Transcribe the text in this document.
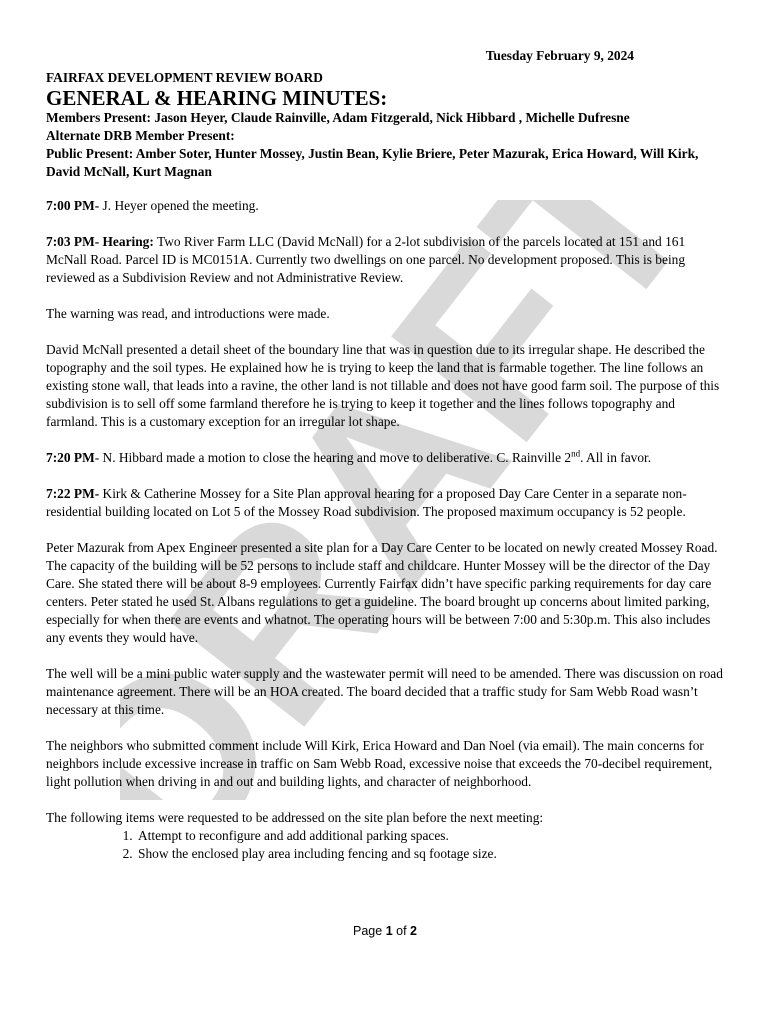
DRAFT
Tuesday February 9, 2024
FAIRFAX DEVELOPMENT REVIEW BOARD
GENERAL & HEARING MINUTES:
Members Present: Jason Heyer, Claude Rainville, Adam Fitzgerald, Nick Hibbard , Michelle Dufresne
Alternate DRB Member Present:
Public Present: Amber Soter, Hunter Mossey, Justin Bean, Kylie Briere, Peter Mazurak, Erica Howard, Will Kirk, David McNall, Kurt Magnan

7:00 PM- J. Heyer opened the meeting.

7:03 PM- Hearing: Two River Farm LLC (David McNall) for a 2-lot subdivision of the parcels located at 151 and 161 McNall Road. Parcel ID is MC0151A. Currently two dwellings on one parcel. No development proposed. This is being reviewed as a Subdivision Review and not Administrative Review.

The warning was read, and introductions were made.

David McNall presented a detail sheet of the boundary line that was in question due to its irregular shape. He described the topography and the soil types. He explained how he is trying to keep the land that is farmable together. The line follows an existing stone wall, that leads into a ravine, the other land is not tillable and does not have good farm soil. The purpose of this subdivision is to sell off some farmland therefore he is trying to keep it together and the lines follows topography and farmland. This is a customary exception for an irregular lot shape.

7:20 PM- N. Hibbard made a motion to close the hearing and move to deliberative. C. Rainville 2nd. All in favor.

7:22 PM- Kirk & Catherine Mossey for a Site Plan approval hearing for a proposed Day Care Center in a separate non-residential building located on Lot 5 of the Mossey Road subdivision. The proposed maximum occupancy is 52 people.

Peter Mazurak from Apex Engineer presented a site plan for a Day Care Center to be located on newly created Mossey Road. The capacity of the building will be 52 persons to include staff and childcare. Hunter Mossey will be the director of the Day Care. She stated there will be about 8-9 employees. Currently Fairfax didn’t have specific parking requirements for day care centers. Peter stated he used St. Albans regulations to get a guideline. The board brought up concerns about limited parking, especially for when there are events and whatnot. The operating hours will be between 7:00 and 5:30p.m. This also includes any events they would have.

The well will be a mini public water supply and the wastewater permit will need to be amended. There was discussion on road maintenance agreement. There will be an HOA created. The board decided that a traffic study for Sam Webb Road wasn’t necessary at this time.

The neighbors who submitted comment include Will Kirk, Erica Howard and Dan Noel (via email). The main concerns for neighbors include excessive increase in traffic on Sam Webb Road, excessive noise that exceeds the 70-decibel requirement, light pollution when driving in and out and building lights, and character of neighborhood.

The following items were requested to be addressed on the site plan before the next meeting:
1. Attempt to reconfigure and add additional parking spaces.
2. Show the enclosed play area including fencing and sq footage size.
Page 1 of 2
